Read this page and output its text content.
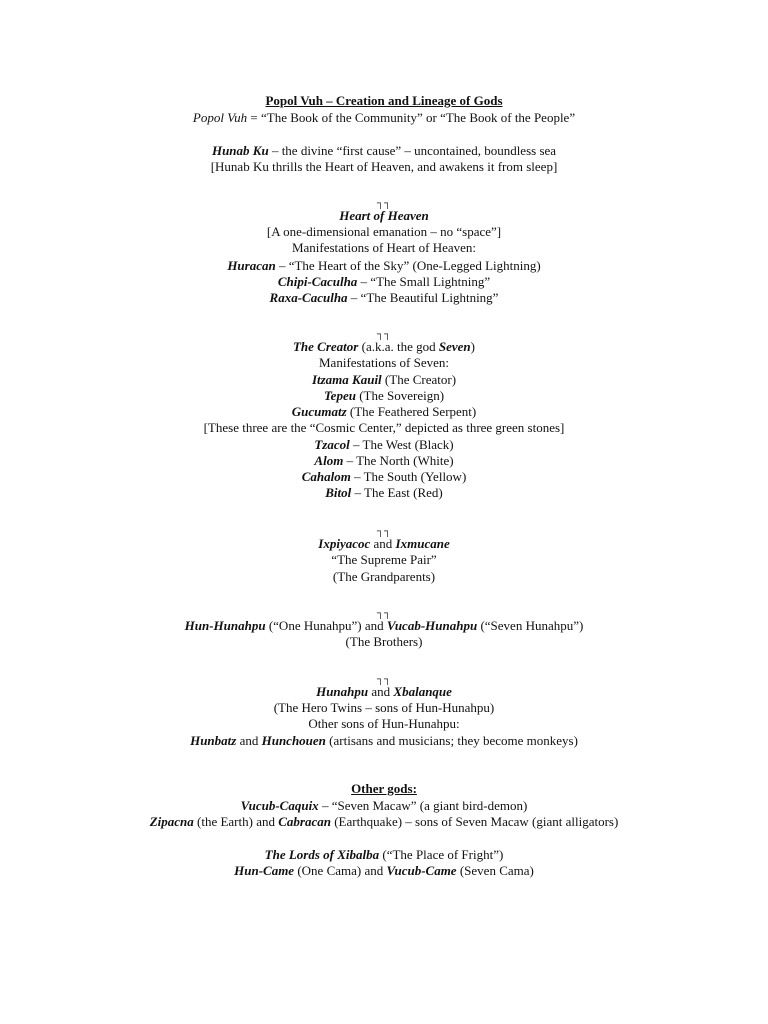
Popol Vuh – Creation and Lineage of Gods
Popol Vuh = “The Book of the Community” or “The Book of the People”
Hunab Ku – the divine “first cause” – uncontained, boundless sea
[Hunab Ku thrills the Heart of Heaven, and awakens it from sleep]
┐┐
Heart of Heaven
[A one-dimensional emanation – no “space”]
Manifestations of Heart of Heaven:
Huracan – “The Heart of the Sky” (One-Legged Lightning)
Chipi-Caculha – “The Small Lightning”
Raxa-Caculha – “The Beautiful Lightning”
┐┐
The Creator (a.k.a. the god Seven)
Manifestations of Seven:
Itzama Kauil (The Creator)
Tepeu (The Sovereign)
Gucumatz (The Feathered Serpent)
[These three are the “Cosmic Center,” depicted as three green stones]
Tzacol – The West (Black)
Alom – The North (White)
Cahalom – The South (Yellow)
Bitol – The East (Red)
┐┐
Ixpiyacoc and Ixmucane
“The Supreme Pair”
(The Grandparents)
┐┐
Hun-Hunahpu (“One Hunahpu”) and Vucab-Hunahpu (“Seven Hunahpu”)
(The Brothers)
┐┐
Hunahpu and Xbalanque
(The Hero Twins – sons of Hun-Hunahpu)
Other sons of Hun-Hunahpu:
Hunbatz and Hunchouen (artisans and musicians; they become monkeys)
Other gods:
Vucub-Caquix – “Seven Macaw” (a giant bird-demon)
Zipacna (the Earth) and Cabracan (Earthquake) – sons of Seven Macaw (giant alligators)
The Lords of Xibalba (“The Place of Fright”)
Hun-Came (One Cama) and Vucub-Came (Seven Cama)
